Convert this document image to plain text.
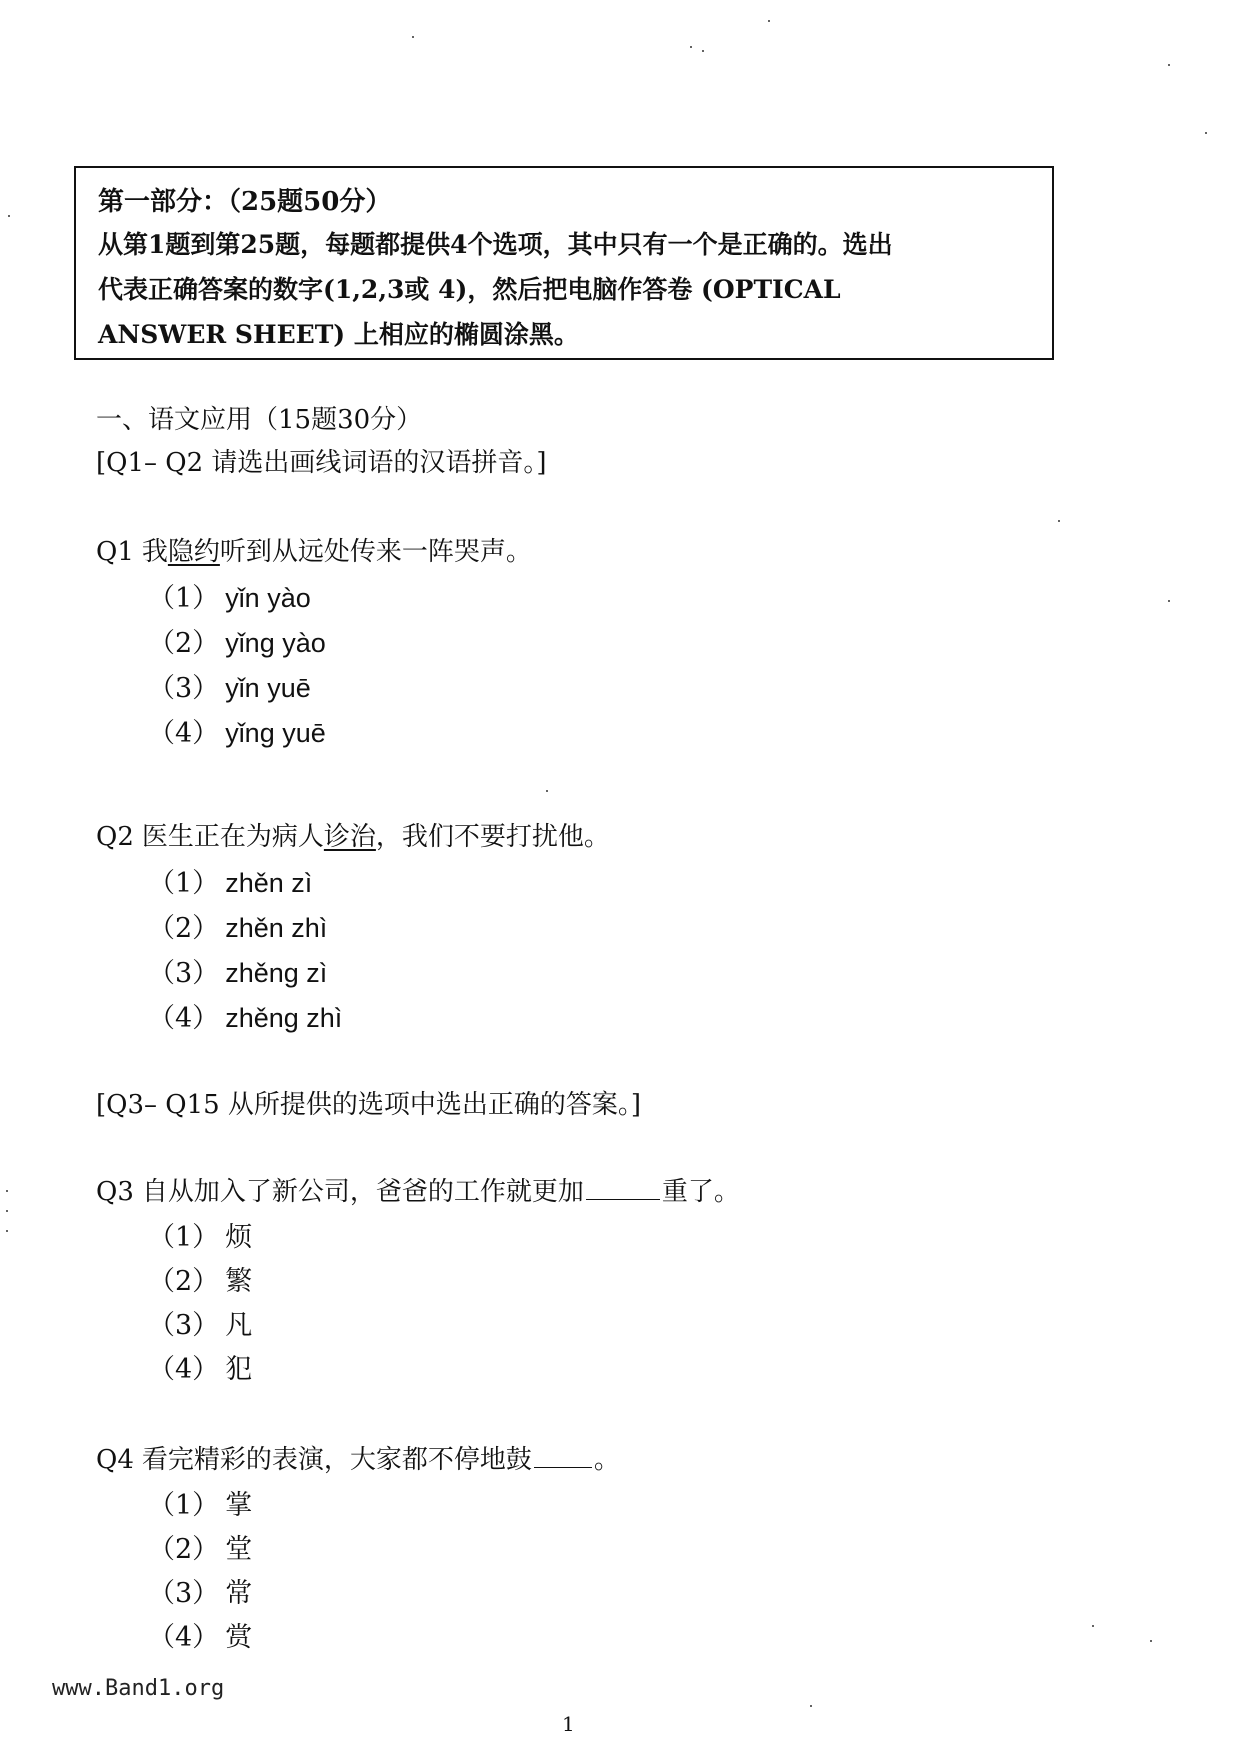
第一部分：（25题50分）

从第1题到第25题，每题都提供4个选项，其中只有一个是正确的。选出

代表正确答案的数字(1,2,3或 4)，然后把电脑作答卷 (OPTICAL

ANSWER SHEET) 上相应的椭圆涂黑。

一、语文应用（15题30分）
[Q1– Q2 请选出画线词语的汉语拼音。]

Q1 我隐约听到从远处传来一阵哭声。

（1） yǐn yào
（2） yǐng yào
（3） yǐn yuē
（4） yǐng yuē

Q2 医生正在为病人诊治，我们不要打扰他。

（1） zhěn zì
（2） zhěn zhì
（3） zhěng zì
（4） zhěng zhì
[Q3– Q15 从所提供的选项中选出正确的答案。]

Q3 自从加入了新公司，爸爸的工作就更加	重了。

（1） 烦
（2） 繁
（3） 凡
（4） 犯

Q4 看完精彩的表演，大家都不停地鼓 。

（1） 掌
（2） 堂
（3） 常
（4） 赏
www.Band1.org
1
